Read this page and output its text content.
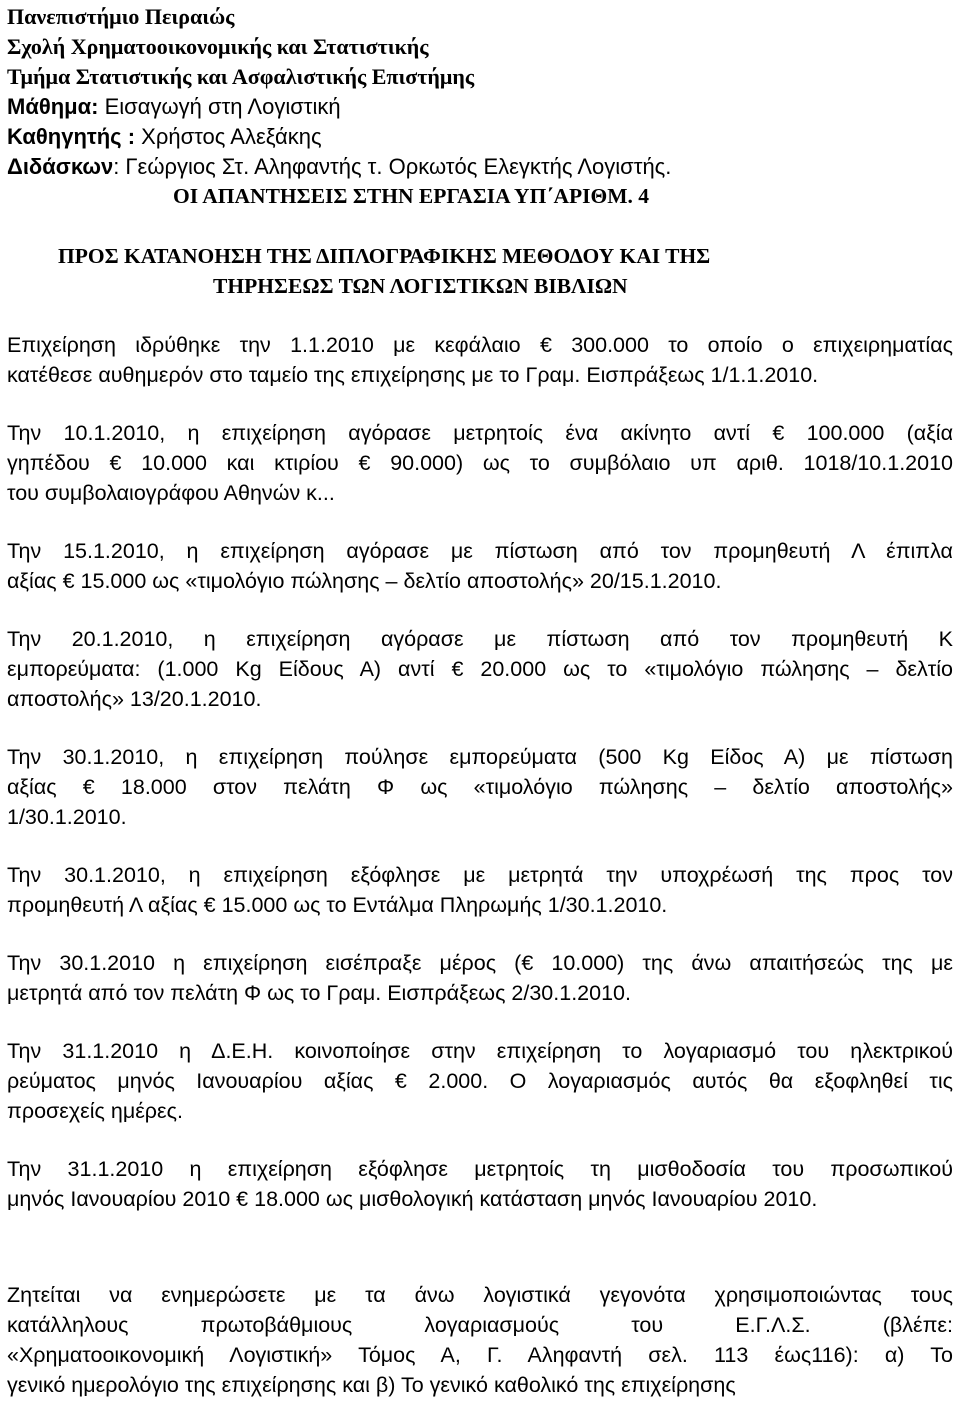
Πανεπιστήμιο Πειραιώς
Σχολή Χρηματοοικονομικής και Στατιστικής
Τμήμα Στατιστικής και Ασφαλιστικής Επιστήμης
Μάθημα: Εισαγωγή στη Λογιστική
Καθηγητής : Χρήστος Αλεξάκης
Διδάσκων: Γεώργιος Στ. Αληφαντής τ. Ορκωτός Ελεγκτής Λογιστής.
ΟΙ ΑΠΑΝΤΗΣΕΙΣ ΣΤΗΝ ΕΡΓΑΣΙΑ ΥΠ΄ΑΡΙΘΜ. 4
ΠΡΟΣ ΚΑΤΑΝΟΗΣΗ ΤΗΣ ΔΙΠΛΟΓΡΑΦΙΚΗΣ ΜΕΘΟΔΟΥ ΚΑΙ ΤΗΣ
ΤΗΡΗΣΕΩΣ ΤΩΝ ΛΟΓΙΣΤΙΚΩΝ ΒΙΒΛΙΩΝ
Επιχείρηση ιδρύθηκε την 1.1.2010 με κεφάλαιο € 300.000 το οποίο ο επιχειρηματίας
κατέθεσε αυθημερόν στο ταμείο της επιχείρησης με το Γραμ. Εισπράξεως 1/1.1.2010.
Την 10.1.2010, η επιχείρηση αγόρασε μετρητοίς ένα ακίνητο αντί € 100.000 (αξία
γηπέδου € 10.000 και κτιρίου € 90.000) ως το συμβόλαιο υπ αριθ. 1018/10.1.2010
του συμβολαιογράφου Αθηνών κ...
Την 15.1.2010, η επιχείρηση αγόρασε με πίστωση από τον προμηθευτή Λ έπιπλα
αξίας € 15.000 ως «τιμολόγιο πώλησης – δελτίο αποστολής» 20/15.1.2010.
Την 20.1.2010, η επιχείρηση αγόρασε με πίστωση από τον προμηθευτή Κ
εμπορεύματα: (1.000 Kg Είδους Α) αντί € 20.000 ως το «τιμολόγιο πώλησης – δελτίο
αποστολής» 13/20.1.2010.
Την 30.1.2010, η επιχείρηση πούλησε εμπορεύματα (500 Kg Είδος Α) με πίστωση
αξίας € 18.000 στον πελάτη Φ ως «τιμολόγιο πώλησης – δελτίο αποστολής»
1/30.1.2010.
Την 30.1.2010, η επιχείρηση εξόφλησε με μετρητά την υποχρέωσή της προς τον
προμηθευτή Λ αξίας € 15.000 ως το Εντάλμα Πληρωμής 1/30.1.2010.
Την 30.1.2010 η επιχείρηση εισέπραξε μέρος (€ 10.000) της άνω απαιτήσεώς της με
μετρητά από τον πελάτη Φ ως το Γραμ. Εισπράξεως 2/30.1.2010.
Την 31.1.2010 η Δ.Ε.Η. κοινοποίησε στην επιχείρηση το λογαριασμό του ηλεκτρικού
ρεύματος μηνός Ιανουαρίου αξίας € 2.000. Ο λογαριασμός αυτός θα εξοφληθεί τις
προσεχείς ημέρες.
Την 31.1.2010 η επιχείρηση εξόφλησε μετρητοίς τη μισθοδοσία του προσωπικού
μηνός Ιανουαρίου 2010 € 18.000 ως μισθολογική κατάσταση μηνός Ιανουαρίου 2010.
Ζητείται να ενημερώσετε με τα άνω λογιστικά γεγονότα χρησιμοποιώντας τους
κατάλληλους πρωτοβάθμιους λογαριασμούς του Ε.Γ.Λ.Σ. (βλέπε:
«Χρηματοοικονομική Λογιστική» Τόμος Α, Γ. Αληφαντή σελ. 113 έως116): α) Το
γενικό ημερολόγιο της επιχείρησης και β) Το γενικό καθολικό της επιχείρησης
